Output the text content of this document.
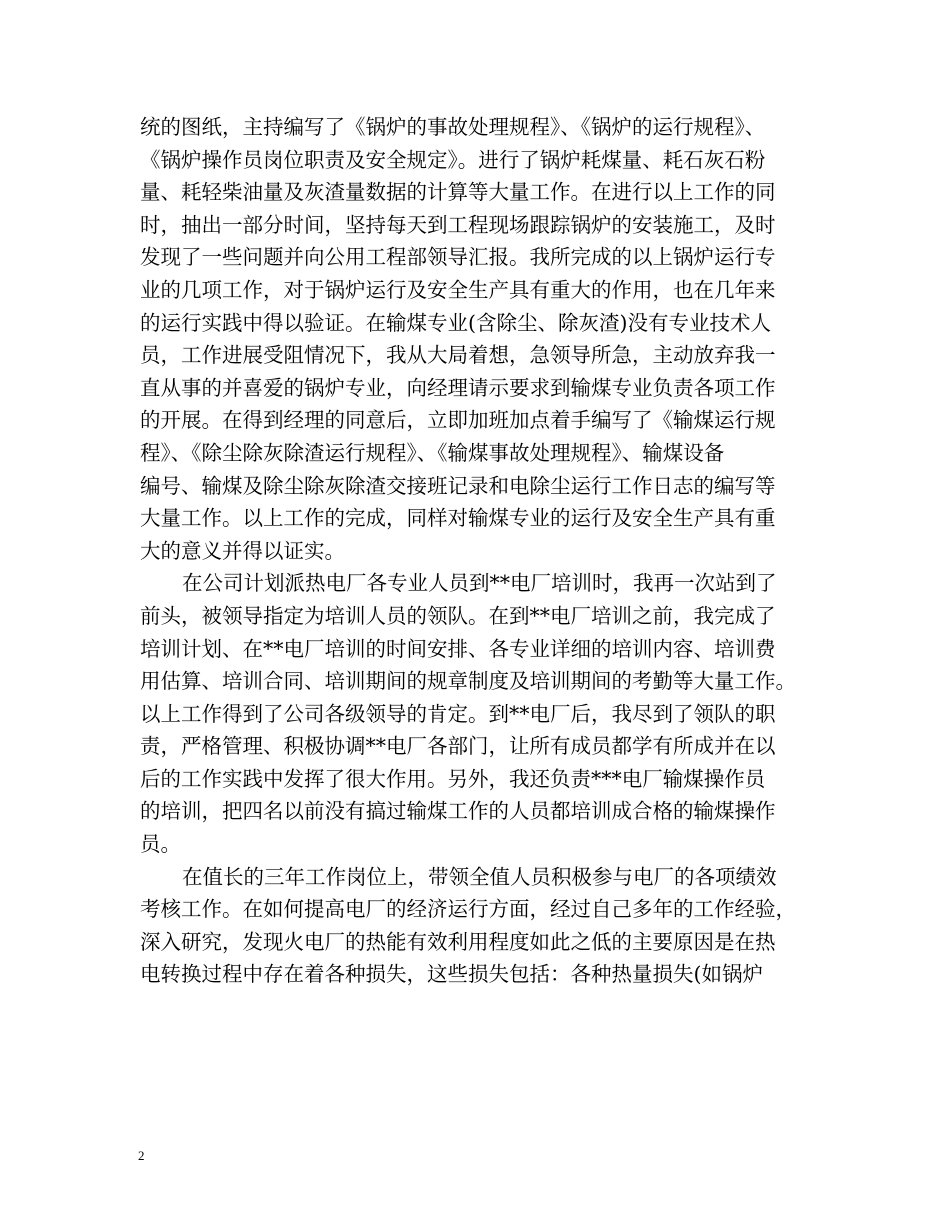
统的图纸，主持编写了《锅炉的事故处理规程》、《锅炉的运行规程》、
《锅炉操作员岗位职责及安全规定》。进行了锅炉耗煤量、耗石灰石粉
量、耗轻柴油量及灰渣量数据的计算等大量工作。在进行以上工作的同
时，抽出一部分时间，坚持每天到工程现场跟踪锅炉的安装施工，及时
发现了一些问题并向公用工程部领导汇报。我所完成的以上锅炉运行专
业的几项工作，对于锅炉运行及安全生产具有重大的作用，也在几年来
的运行实践中得以验证。在输煤专业(含除尘、除灰渣)没有专业技术人
员，工作进展受阻情况下，我从大局着想，急领导所急，主动放弃我一
直从事的并喜爱的锅炉专业，向经理请示要求到输煤专业负责各项工作
的开展。在得到经理的同意后，立即加班加点着手编写了《输煤运行规
程》、《除尘除灰除渣运行规程》、《输煤事故处理规程》、输煤设备
编号、输煤及除尘除灰除渣交接班记录和电除尘运行工作日志的编写等
大量工作。以上工作的完成，同样对输煤专业的运行及安全生产具有重
大的意义并得以证实。

在公司计划派热电厂各专业人员到**电厂培训时，我再一次站到了
前头，被领导指定为培训人员的领队。在到**电厂培训之前，我完成了
培训计划、在**电厂培训的时间安排、各专业详细的培训内容、培训费
用估算、培训合同、培训期间的规章制度及培训期间的考勤等大量工作。
以上工作得到了公司各级领导的肯定。到**电厂后，我尽到了领队的职
责，严格管理、积极协调**电厂各部门，让所有成员都学有所成并在以
后的工作实践中发挥了很大作用。另外，我还负责***电厂输煤操作员
的培训，把四名以前没有搞过输煤工作的人员都培训成合格的输煤操作
员。

在值长的三年工作岗位上，带领全值人员积极参与电厂的各项绩效
考核工作。在如何提高电厂的经济运行方面，经过自己多年的工作经验，
深入研究，发现火电厂的热能有效利用程度如此之低的主要原因是在热
电转换过程中存在着各种损失，这些损失包括：各种热量损失(如锅炉

2
